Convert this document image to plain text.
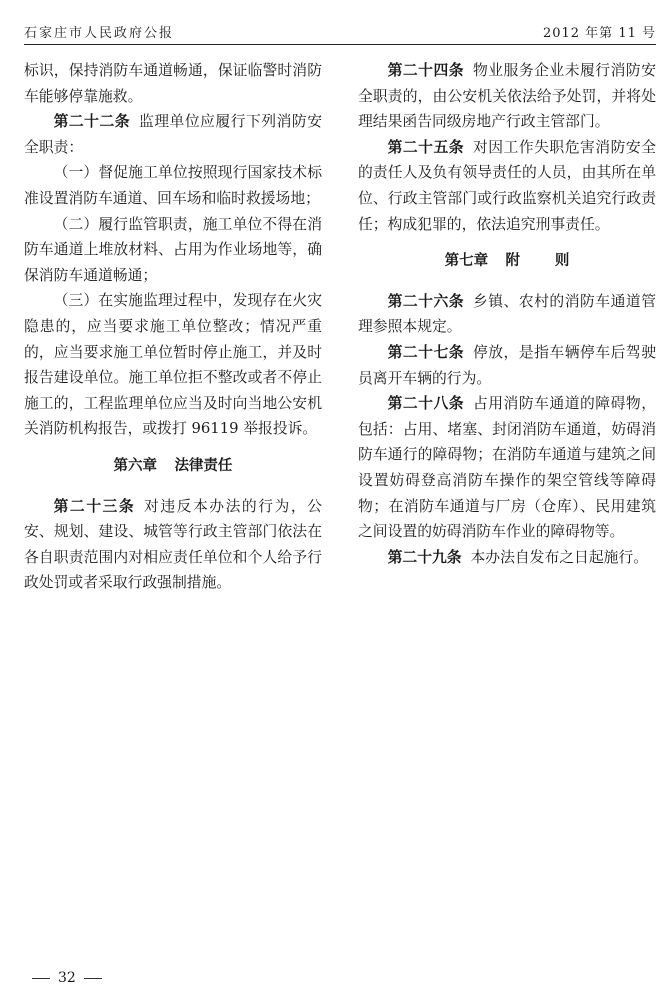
石家庄市人民政府公报	2012 年第 11 号

标识，保持消防车通道畅通，保证临警时消防车能够停靠施救。

第二十二条 监理单位应履行下列消防安全职责：

（一）督促施工单位按照现行国家技术标准设置消防车通道、回车场和临时救援场地；

（二）履行监管职责，施工单位不得在消防车通道上堆放材料、占用为作业场地等，确保消防车通道畅通；

（三）在实施监理过程中，发现存在火灾隐患的，应当要求施工单位整改；情况严重的，应当要求施工单位暂时停止施工，并及时报告建设单位。施工单位拒不整改或者不停止施工的，工程监理单位应当及时向当地公安机关消防机构报告，或拨打 96119 举报投诉。

第六章 法律责任

第二十三条 对违反本办法的行为，公安、规划、建设、城管等行政主管部门依法在各自职责范围内对相应责任单位和个人给予行政处罚或者采取行政强制措施。

第二十四条 物业服务企业未履行消防安全职责的，由公安机关依法给予处罚，并将处理结果函告同级房地产行政主管部门。

第二十五条 对因工作失职危害消防安全的责任人及负有领导责任的人员，由其所在单位、行政主管部门或行政监察机关追究行政责任；构成犯罪的，依法追究刑事责任。

第七章 附 则

第二十六条 乡镇、农村的消防车通道管理参照本规定。

第二十七条 停放，是指车辆停车后驾驶员离开车辆的行为。

第二十八条 占用消防车通道的障碍物，包括：占用、堵塞、封闭消防车通道，妨碍消防车通行的障碍物；在消防车通道与建筑之间设置妨碍登高消防车操作的架空管线等障碍物；在消防车通道与厂房（仓库）、民用建筑之间设置的妨碍消防车作业的障碍物等。

第二十九条 本办法自发布之日起施行。

32
